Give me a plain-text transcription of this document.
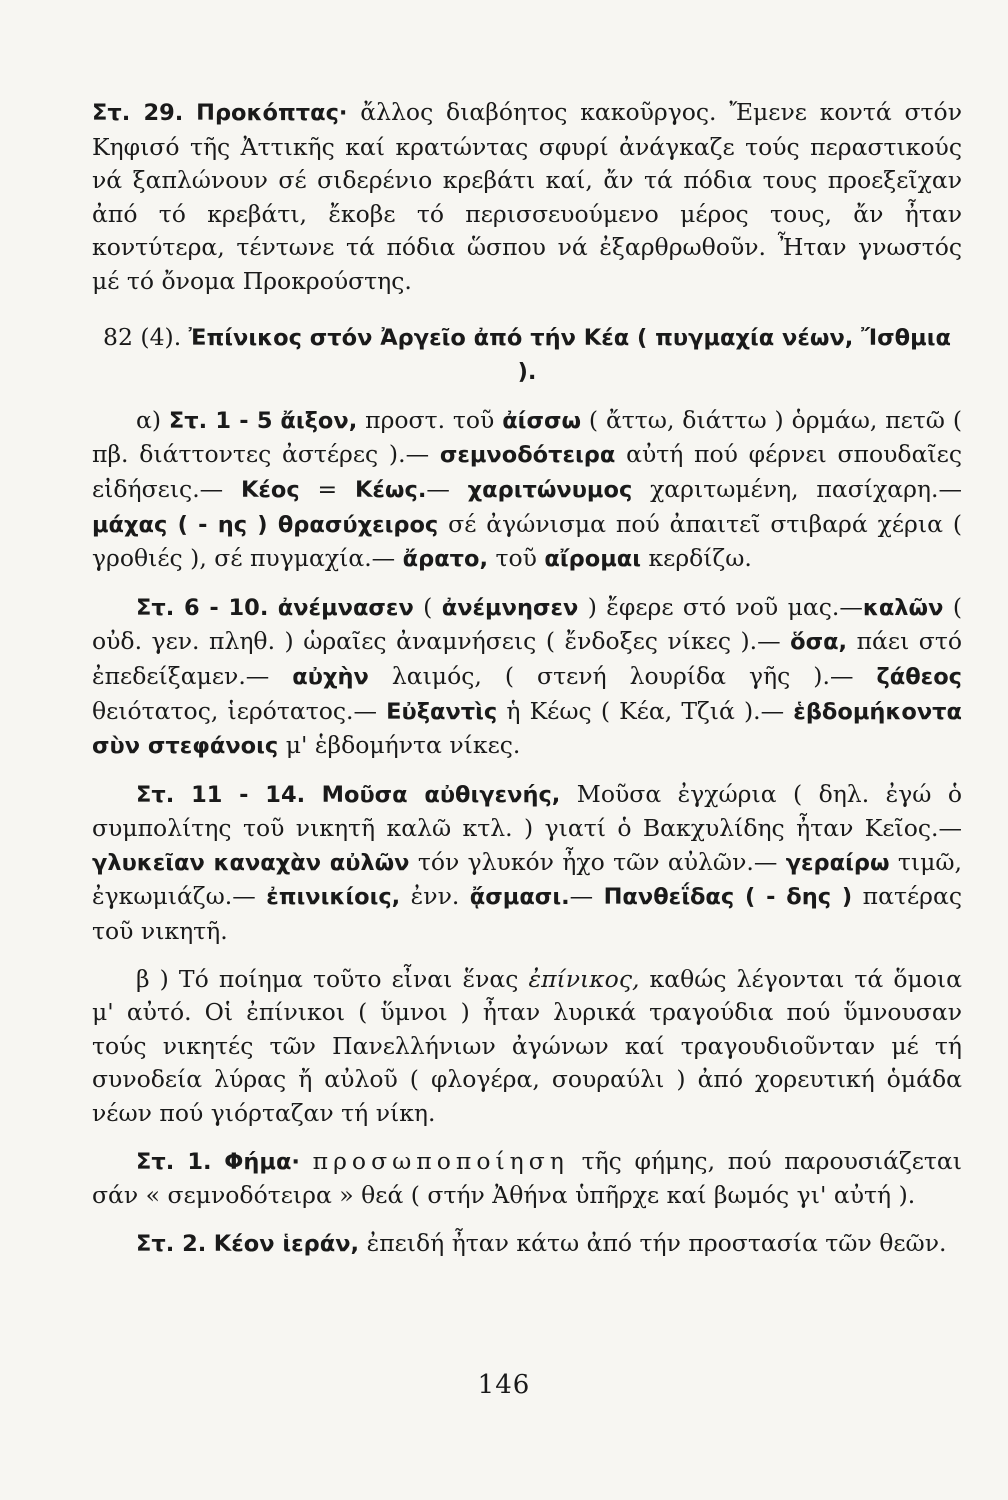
Στ. 29. Προκόπτας· ἄλλος διαβόητος κακοῦργος. Ἔμενε κοντά στόν Κηφισό τῆς Ἀττικῆς καί κρατώντας σφυρί ἀνάγκαζε τούς περαστικούς νά ξαπλώνουν σέ σιδερένιο κρεβάτι καί, ἄν τά πόδια τους προεξεῖχαν ἀπό τό κρεβάτι, ἔκοβε τό περισσευούμενο μέρος τους, ἄν ἦταν κοντύτερα, τέντωνε τά πόδια ὥσπου νά ἐξαρθρωθοῦν. Ἦταν γνωστός μέ τό ὄνομα Προκρούστης.

82 (4). Ἐπίνικος στόν Ἀργεῖο ἀπό τήν Κέα ( πυγμαχία νέων, Ἴσθμια ).

α) Στ. 1 - 5 ἄιξον, προστ. τοῦ ἀίσσω ( ἄττω, διάττω ) ὁρμάω, πετῶ ( πβ. διάττοντες ἀστέρες ).— σεμνοδότειρα αὐτή πού φέρνει σπουδαῖες εἰδήσεις.— Κέος = Κέως.— χαριτώνυμος χαριτωμένη, πασίχαρη.— μάχας ( - ης ) θρασύχειρος σέ ἀγώνισμα πού ἀπαιτεῖ στιβαρά χέρια ( γροθιές ), σέ πυγμαχία.— ἄρατο, τοῦ αἴρομαι κερδίζω.

Στ. 6 - 10. ἀνέμνασεν ( ἀνέμνησεν ) ἔφερε στό νοῦ μας.—καλῶν ( οὐδ. γεν. πληθ. ) ὡραῖες ἀναμνήσεις ( ἔνδοξες νίκες ).— ὅσα, πάει στό ἐπεδείξαμεν.— αὐχὴν λαιμός, ( στενή λουρίδα γῆς ).— ζάθεος θειότατος, ἱερότατος.— Εὐξαντὶς ἡ Κέως ( Κέα, Τζιά ).— ἑβδομήκοντα σὺν στεφάνοις μ' ἑβδομήντα νίκες.

Στ. 11 - 14. Μοῦσα αὐθιγενής, Μοῦσα ἐγχώρια ( δηλ. ἐγώ ὁ συμπολίτης τοῦ νικητῆ καλῶ κτλ. ) γιατί ὁ Βακχυλίδης ἦταν Κεῖος.— γλυκεῖαν καναχὰν αὐλῶν τόν γλυκόν ἦχο τῶν αὐλῶν.— γεραίρω τιμῶ, ἐγκωμιάζω.— ἐπινικίοις, ἐνν. ᾄσμασι.— Πανθεΐδας ( - δης ) πατέρας τοῦ νικητῆ.

β ) Τό ποίημα τοῦτο εἶναι ἕνας ἐπίνικος, καθώς λέγονται τά ὅμοια μ' αὐτό. Οἱ ἐπίνικοι ( ὕμνοι ) ἦταν λυρικά τραγούδια πού ὕμνουσαν τούς νικητές τῶν Πανελλήνιων ἀγώνων καί τραγουδιοῦνταν μέ τή συνοδεία λύρας ἤ αὐλοῦ ( φλογέρα, σουραύλι ) ἀπό χορευτική ὁμάδα νέων πού γιόρταζαν τή νίκη.

Στ. 1. Φήμα· προσωποποίηση τῆς φήμης, πού παρουσιάζεται σάν « σεμνοδότειρα » θεά ( στήν Ἀθήνα ὑπῆρχε καί βωμός γι' αὐτή ).

Στ. 2. Κέον ἱεράν, ἐπειδή ἦταν κάτω ἀπό τήν προστασία τῶν θεῶν.

146
